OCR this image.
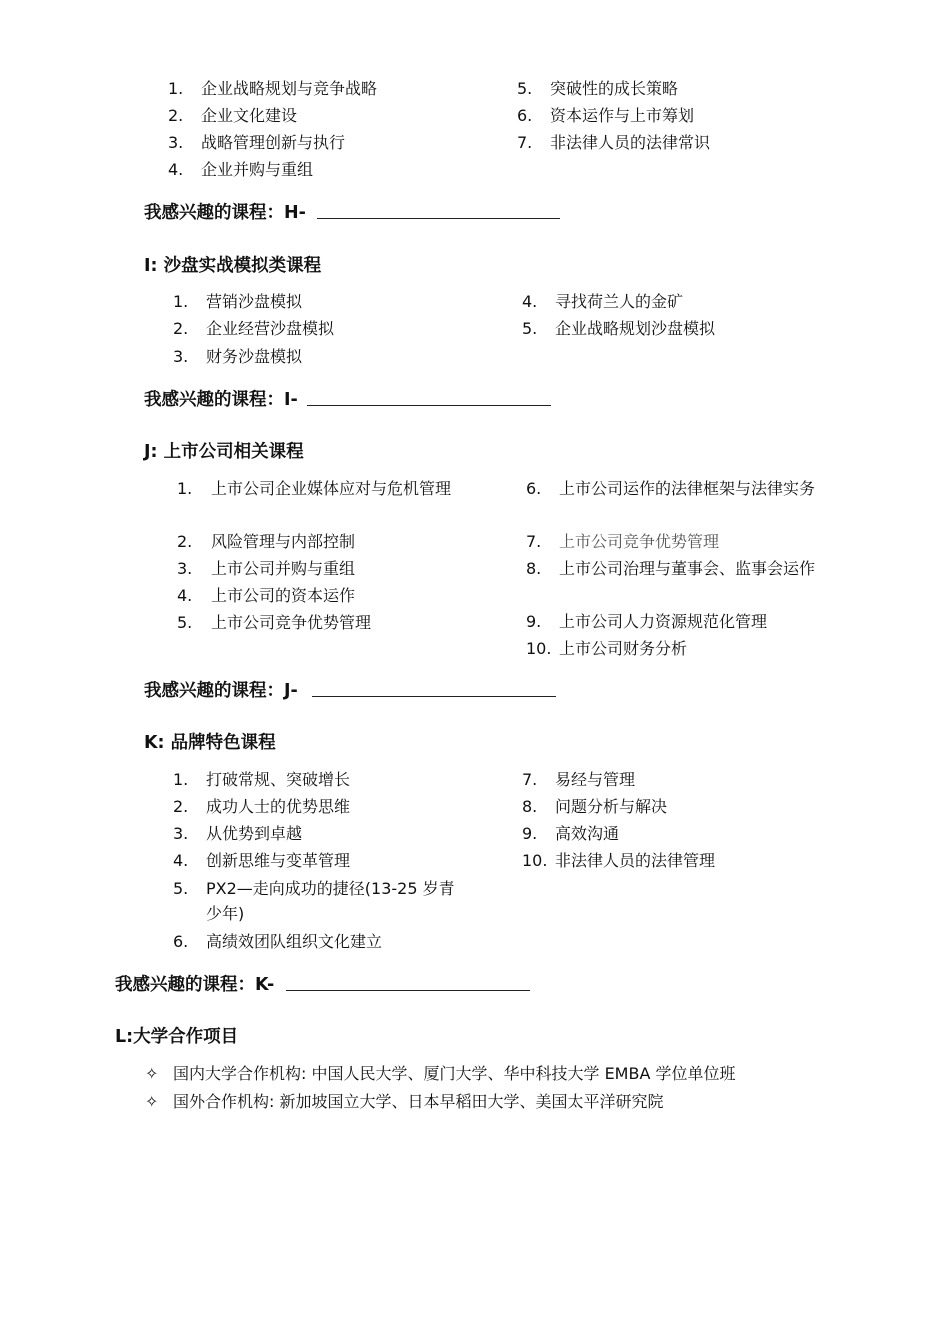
1. 企业战略规划与竞争战略
2. 企业文化建设
3. 战略管理创新与执行
4. 企业并购与重组
5. 突破性的成长策略
6. 资本运作与上市筹划
7. 非法律人员的法律常识
我感兴趣的课程：H-
I: 沙盘实战模拟类课程
1. 营销沙盘模拟
2. 企业经营沙盘模拟
3. 财务沙盘模拟
4. 寻找荷兰人的金矿
5. 企业战略规划沙盘模拟
我感兴趣的课程：I-
J: 上市公司相关课程
1. 上市公司企业媒体应对与危机管理
2. 风险管理与内部控制
3. 上市公司并购与重组
4. 上市公司的资本运作
5. 上市公司竞争优势管理
6. 上市公司运作的法律框架与法律实务
7. 上市公司竞争优势管理
8. 上市公司治理与董事会、监事会运作
9. 上市公司人力资源规范化管理
10. 上市公司财务分析
我感兴趣的课程：J-
K: 品牌特色课程
1. 打破常规、突破增长
2. 成功人士的优势思维
3. 从优势到卓越
4. 创新思维与变革管理
5. PX2—走向成功的捷径(13-25 岁青少年)
6. 高绩效团队组织文化建立
7. 易经与管理
8. 问题分析与解决
9. 高效沟通
10. 非法律人员的法律管理
我感兴趣的课程：K-
L:大学合作项目
✧ 国内大学合作机构: 中国人民大学、厦门大学、华中科技大学 EMBA 学位单位班
✧ 国外合作机构: 新加坡国立大学、日本早稻田大学、美国太平洋研究院
